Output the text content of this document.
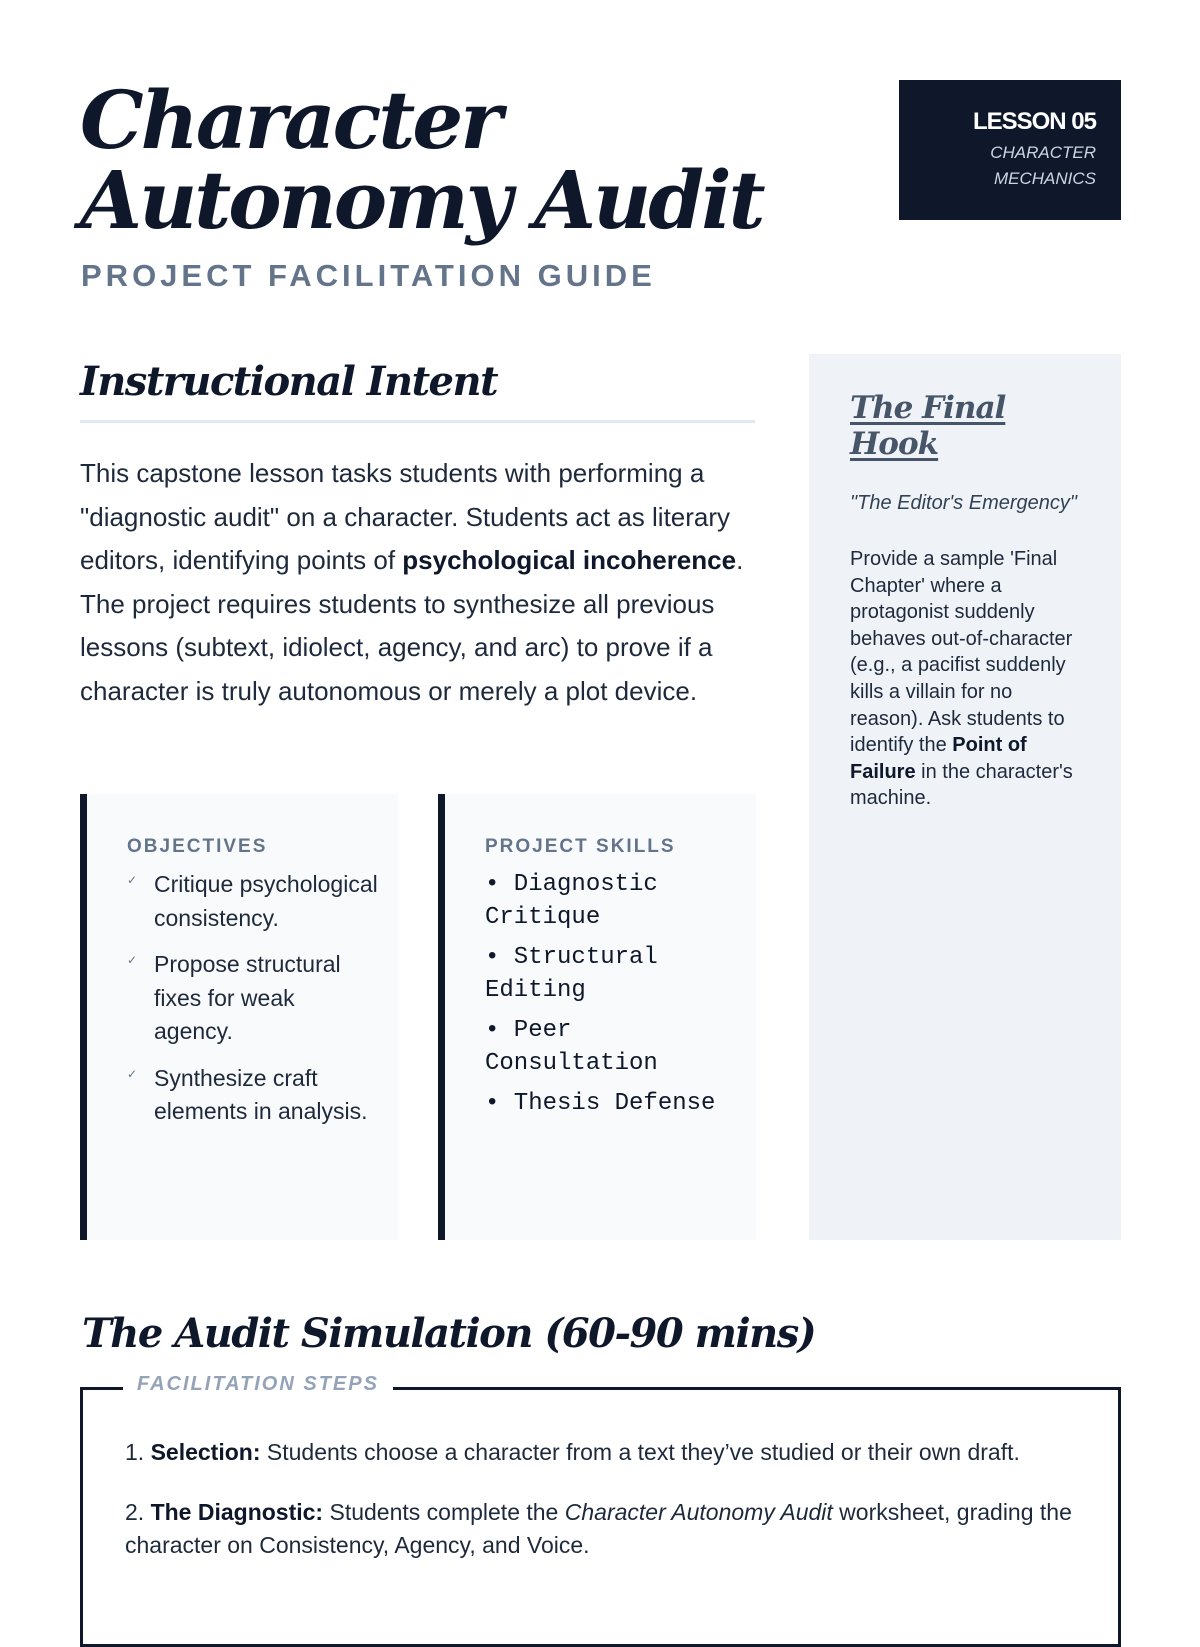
Character Autonomy Audit
PROJECT FACILITATION GUIDE
LESSON 05
CHARACTER
MECHANICS
Instructional Intent

This capstone lesson tasks students with performing a "diagnostic audit" on a character. Students act as literary editors, identifying points of psychological incoherence. The project requires students to synthesize all previous lessons (subtext, idiolect, agency, and arc) to prove if a character is truly autonomous or merely a plot device.

OBJECTIVES
✓ Critique psychological consistency.
✓ Propose structural fixes for weak agency.
✓ Synthesize craft elements in analysis.
PROJECT SKILLS
• Diagnostic Critique
• Structural Editing
• Peer Consultation
• Thesis Defense
The Final Hook
"The Editor's Emergency"

Provide a sample 'Final Chapter' where a protagonist suddenly behaves out-of-character (e.g., a pacifist suddenly kills a villain for no reason). Ask students to identify the Point of Failure in the character's machine.

The Audit Simulation (60-90 mins)
FACILITATION STEPS

1. Selection: Students choose a character from a text they’ve studied or their own draft.

2. The Diagnostic: Students complete the Character Autonomy Audit worksheet, grading the character on Consistency, Agency, and Voice.
